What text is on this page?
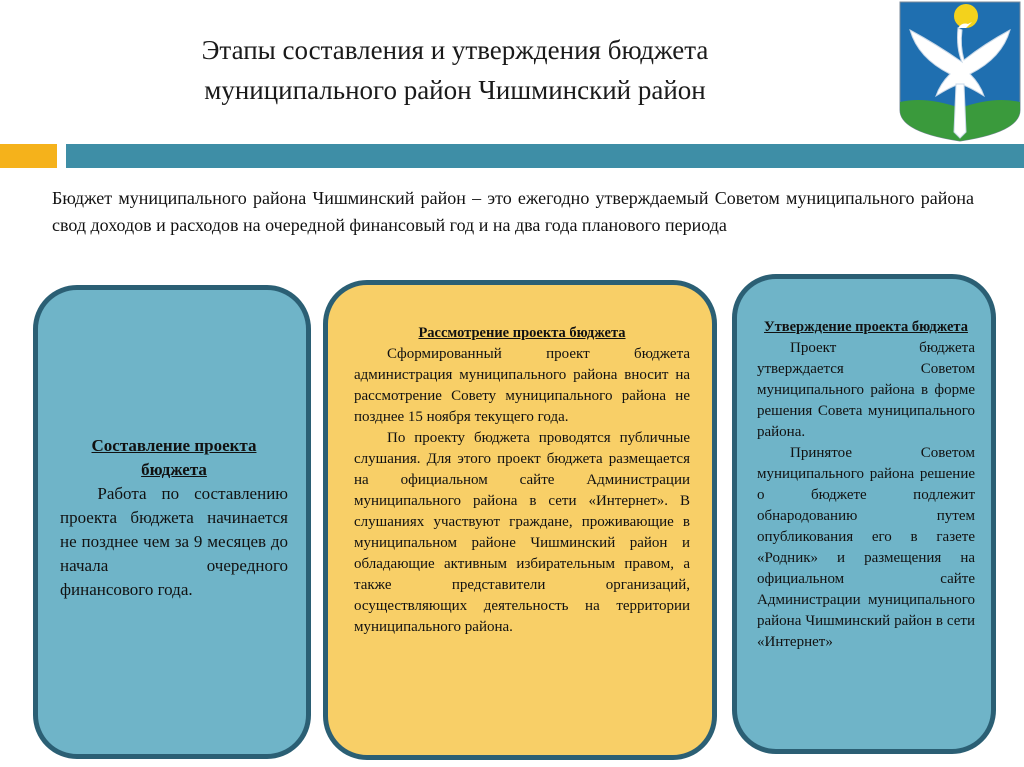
Этапы составления и утверждения бюджета
муниципального район Чишминский район
Бюджет муниципального района Чишминский район – это ежегодно утверждаемый Советом муниципального района свод доходов и расходов на очередной финансовый год и на два года планового периода

Составление проекта бюджета

Работа по составлению проекта бюджета начинается не позднее чем за 9 месяцев до начала очередного финансового года.

Рассмотрение проекта бюджета

Сформированный проект бюджета администрация муниципального района вносит на рассмотрение Совету муниципального района не позднее 15 ноября текущего года.

По проекту бюджета проводятся публичные слушания. Для этого проект бюджета размещается на официальном сайте Администрации муниципального района в сети «Интернет». В слушаниях участвуют граждане, проживающие в муниципальном районе Чишминский район и обладающие активным избирательным правом, а также представители организаций, осуществляющих деятельность на территории муниципального района.

Утверждение проекта бюджета

Проект бюджета утверждается Советом муниципального района в форме решения Совета муниципального района.

Принятое Советом муниципального района решение о бюджете подлежит обнародованию путем опубликования его в газете «Родник» и размещения на официальном сайте Администрации муниципального района Чишминский район в сети «Интернет»
